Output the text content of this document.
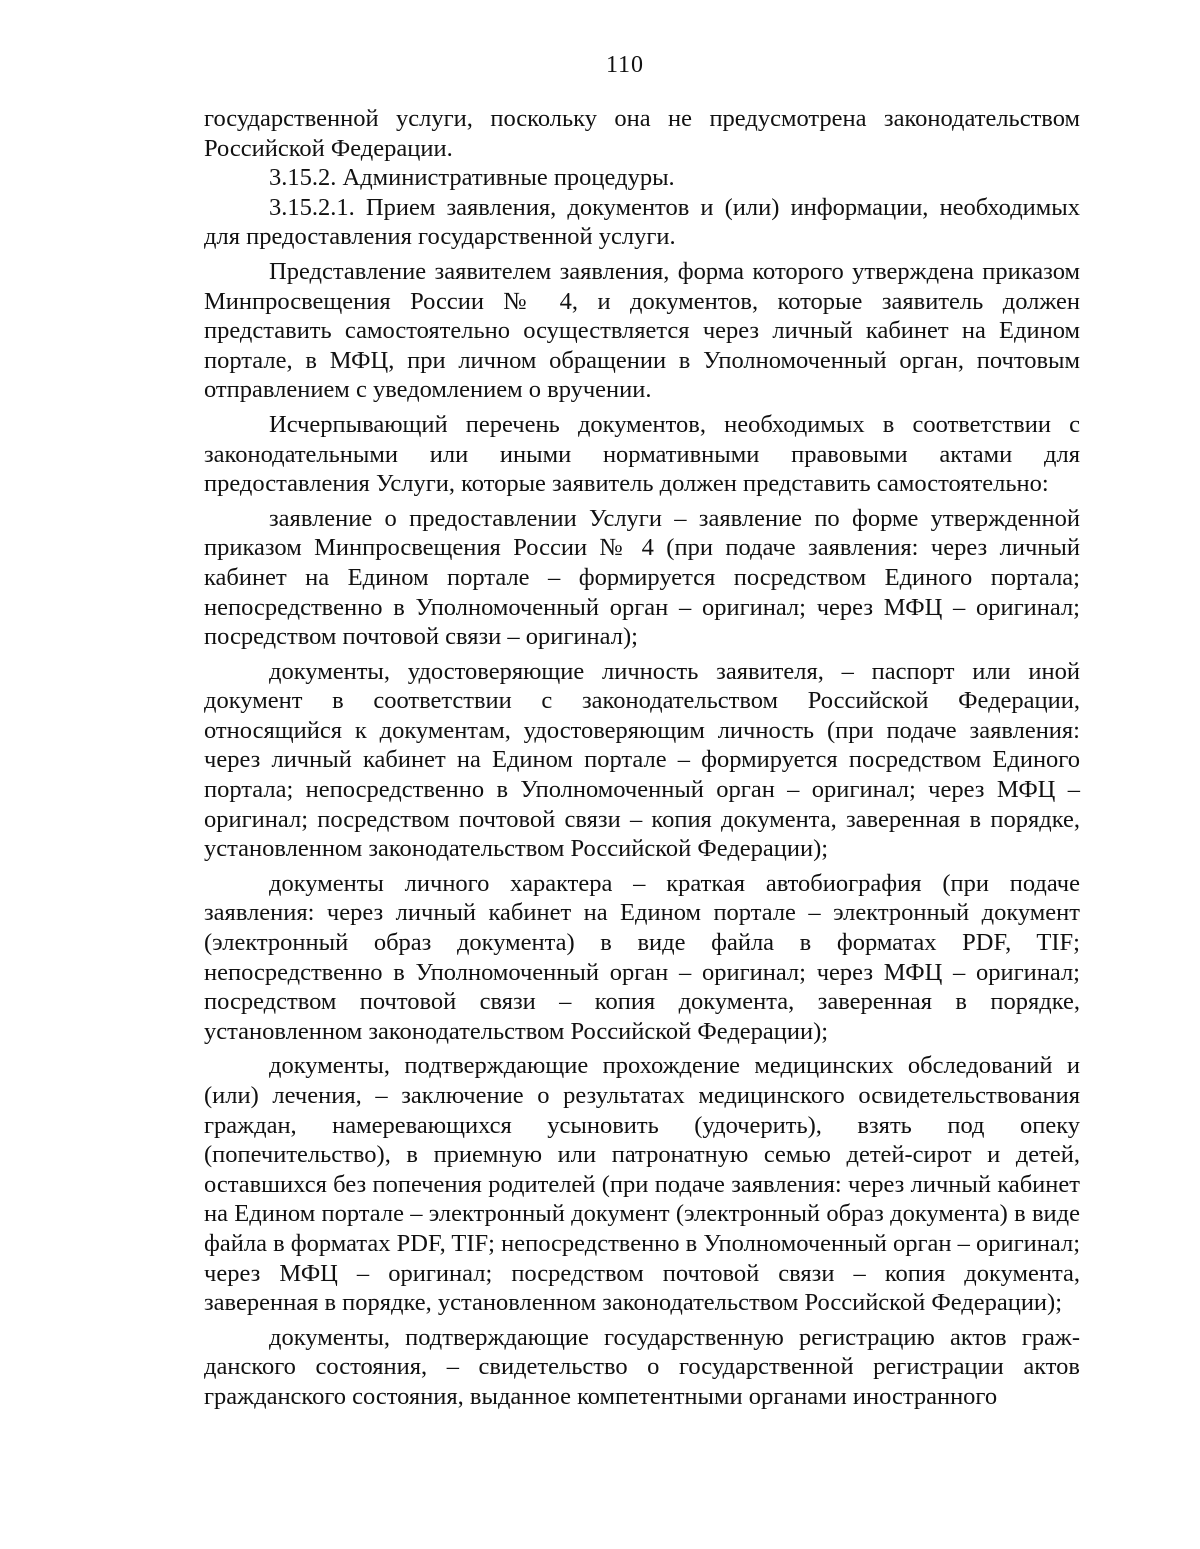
110

государственной услуги, поскольку она не предусмотрена законодательством Российской Федерации.

3.15.2. Административные процедуры.

3.15.2.1. Прием заявления, документов и (или) информации, необходимых для предоставления государственной услуги.

Представление заявителем заявления, форма которого утверждена приказом Минпросвещения России № 4, и документов, которые заявитель должен представить самостоятельно осуществляется через личный кабинет на Едином портале, в МФЦ, при личном обращении в Уполномоченный орган, почтовым отправлением с уведомлением о вручении.

Исчерпывающий перечень документов, необходимых в соответствии с законодательными или иными нормативными правовыми актами для предоставления Услуги, которые заявитель должен представить самостоятельно:

заявление о предоставлении Услуги – заявление по форме утвержденной приказом Минпросвещения России № 4 (при подаче заявления: через личный кабинет на Едином портале – формируется посредством Единого портала; непосредственно в Уполномоченный орган – оригинал; через МФЦ – оригинал; посредством почтовой связи – оригинал);

документы, удостоверяющие личность заявителя, – паспорт или иной документ в соответствии с законодательством Российской Федерации, относящийся к документам, удостоверяющим личность (при подаче заявления: через личный кабинет на Едином портале – формируется посредством Единого портала; непосредственно в Уполномоченный орган – оригинал; через МФЦ – оригинал; посредством почтовой связи – копия документа, заверенная в порядке, установленном законодательством Российской Федерации);

документы личного характера – краткая автобиография (при подаче заявления: через личный кабинет на Едином портале – электронный документ (электронный образ документа) в виде файла в форматах PDF, TIF; непосредственно в Уполномоченный орган – оригинал; через МФЦ – оригинал; посредством почтовой связи – копия документа, заверенная в порядке, установленном законодательством Российской Федерации);

документы, подтверждающие прохождение медицинских обследований и (или) лечения, – заключение о результатах медицинского освидетельствования граждан, намеревающихся усыновить (удочерить), взять под опеку (попечительство), в приемную или патронатную семью детей-сирот и детей, оставшихся без попечения родителей (при подаче заявления: через личный кабинет на Едином портале – электронный документ (электронный образ документа) в виде файла в форматах PDF, TIF; непосредственно в Уполномоченный орган – оригинал; через МФЦ – оригинал; посредством почтовой связи – копия документа, заверенная в порядке, установленном законодательством Российской Федерации);

документы, подтверждающие государственную регистрацию актов граж-данского состояния, – свидетельство о государственной регистрации актов гражданского состояния, выданное компетентными органами иностранного
